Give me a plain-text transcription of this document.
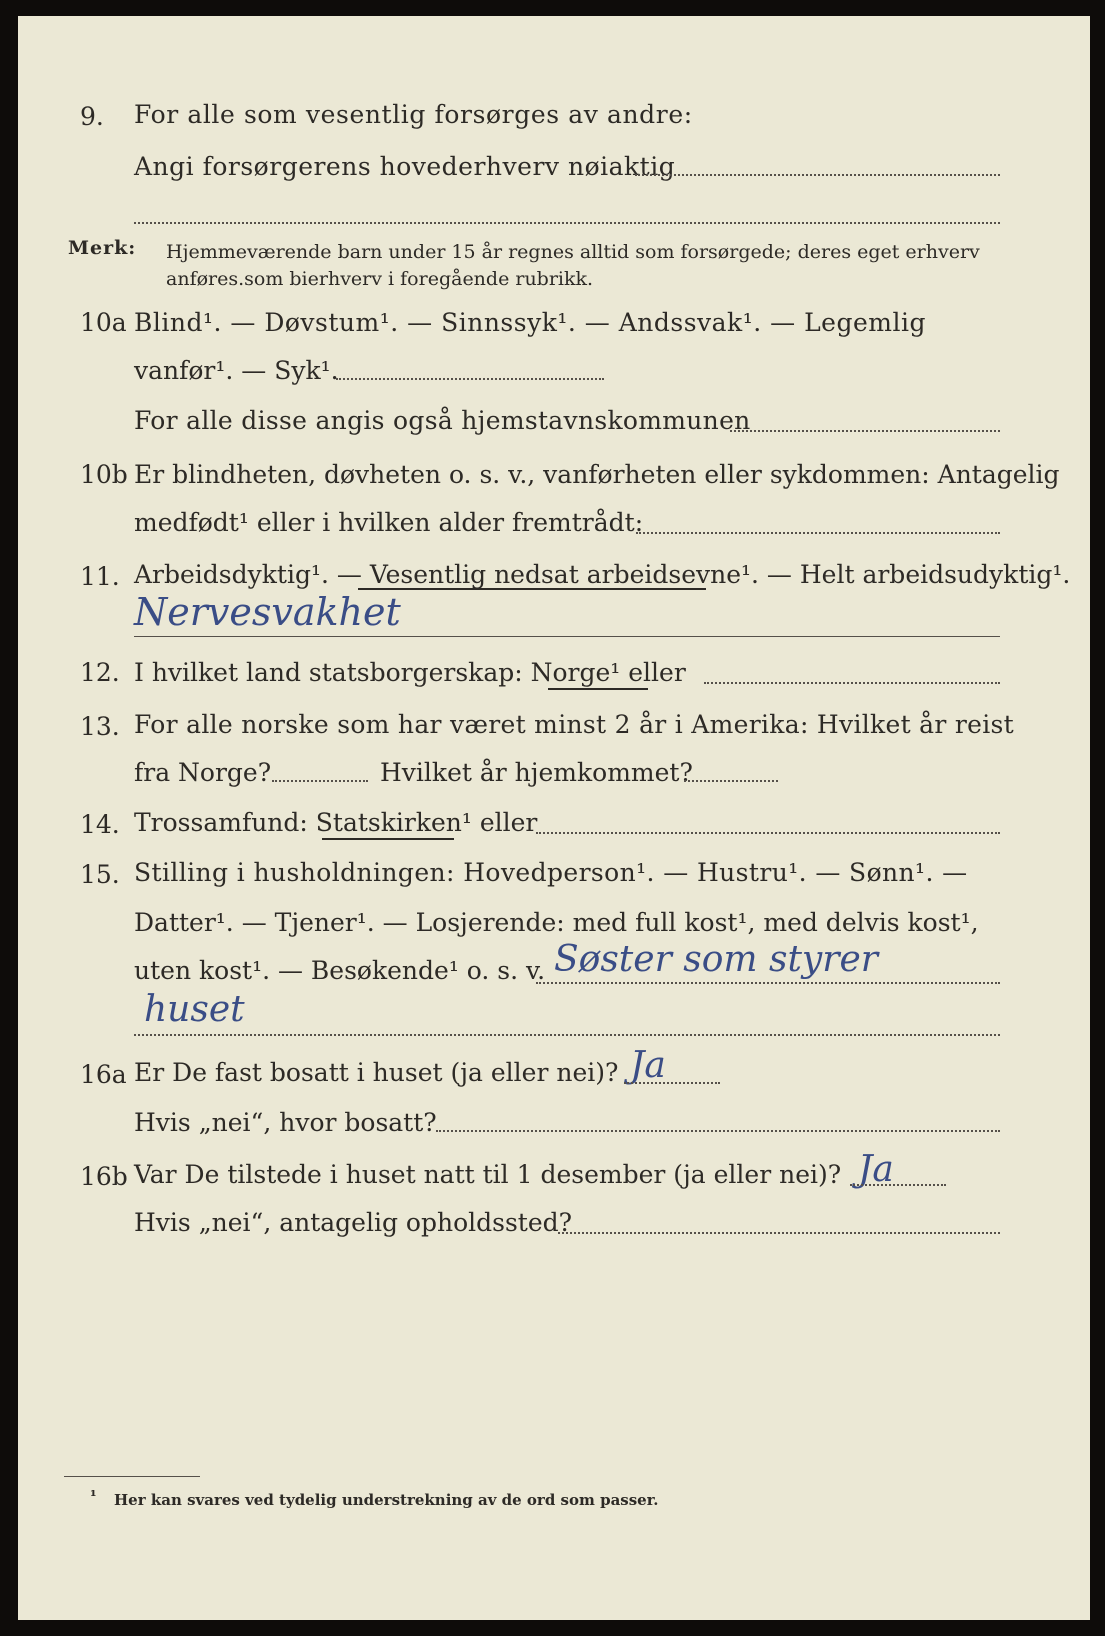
9. For alle som vesentlig forsørges av andre:
Angi forsørgerens hovederhverv nøiaktig
Merk: Hjemmeværende barn under 15 år regnes alltid som forsørgede; deres eget erhverv
anføres.som bierhverv i foregående rubrikk.
10a Blind¹. — Døvstum¹. — Sinnssyk¹. — Andssvak¹. — Legemlig
vanfør¹. — Syk¹.
For alle disse angis også hjemstavnskommunen
10b Er blindheten, døvheten o. s. v., vanførheten eller sykdommen: Antagelig
medfødt¹ eller i hvilken alder fremtrådt:
11. Arbeidsdyktig¹. — Vesentlig nedsat arbeidsevne¹. — Helt arbeidsudyktig¹.
Nervesvakhet
12. I hvilket land statsborgerskap: Norge¹ eller
13. For alle norske som har været minst 2 år i Amerika: Hvilket år reist
fra Norge?	Hvilket år hjemkommet?
14. Trossamfund: Statskirken¹ eller
15. Stilling i husholdningen: Hovedperson¹. — Hustru¹. — Sønn¹. —
Datter¹. — Tjener¹. — Losjerende: med full kost¹, med delvis kost¹,
uten kost¹. — Besøkende¹ o. s. v. Søster som styrer
huset
16a Er De fast bosatt i huset (ja eller nei)? Ja
Hvis „nei“, hvor bosatt?
16b Var De tilstede i huset natt til 1 desember (ja eller nei)? Ja
Hvis „nei“, antagelig opholdssted?
¹ Her kan svares ved tydelig understrekning av de ord som passer.
